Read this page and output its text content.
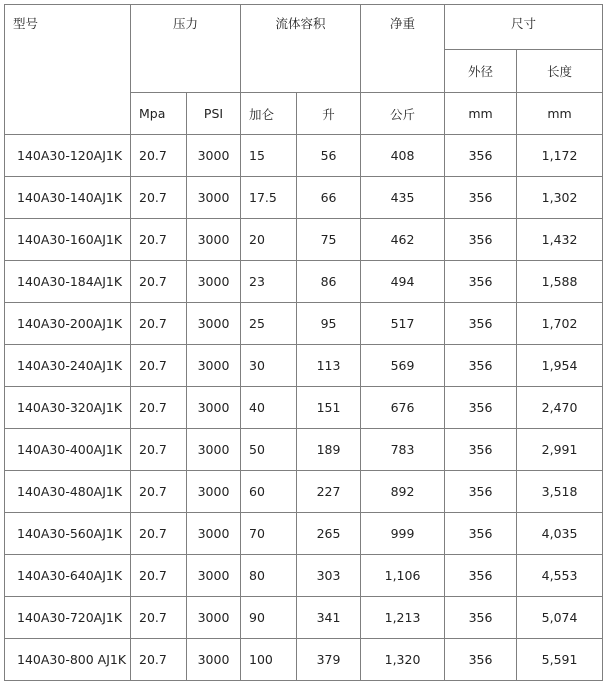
型号	压力		流体容积		净重	尺寸	
						外径	长度
	Mpa	PSI	加仑	升	公斤	mm	mm
140A30-120AJ1K	20.7	3000	15	56	408	356	1,172
140A30-140AJ1K	20.7	3000	17.5	66	435	356	1,302
140A30-160AJ1K	20.7	3000	20	75	462	356	1,432
140A30-184AJ1K	20.7	3000	23	86	494	356	1,588
140A30-200AJ1K	20.7	3000	25	95	517	356	1,702
140A30-240AJ1K	20.7	3000	30	113	569	356	1,954
140A30-320AJ1K	20.7	3000	40	151	676	356	2,470
140A30-400AJ1K	20.7	3000	50	189	783	356	2,991
140A30-480AJ1K	20.7	3000	60	227	892	356	3,518
140A30-560AJ1K	20.7	3000	70	265	999	356	4,035
140A30-640AJ1K	20.7	3000	80	303	1,106	356	4,553
140A30-720AJ1K	20.7	3000	90	341	1,213	356	5,074
140A30-800 AJ1K	20.7	3000	100	379	1,320	356	5,591
